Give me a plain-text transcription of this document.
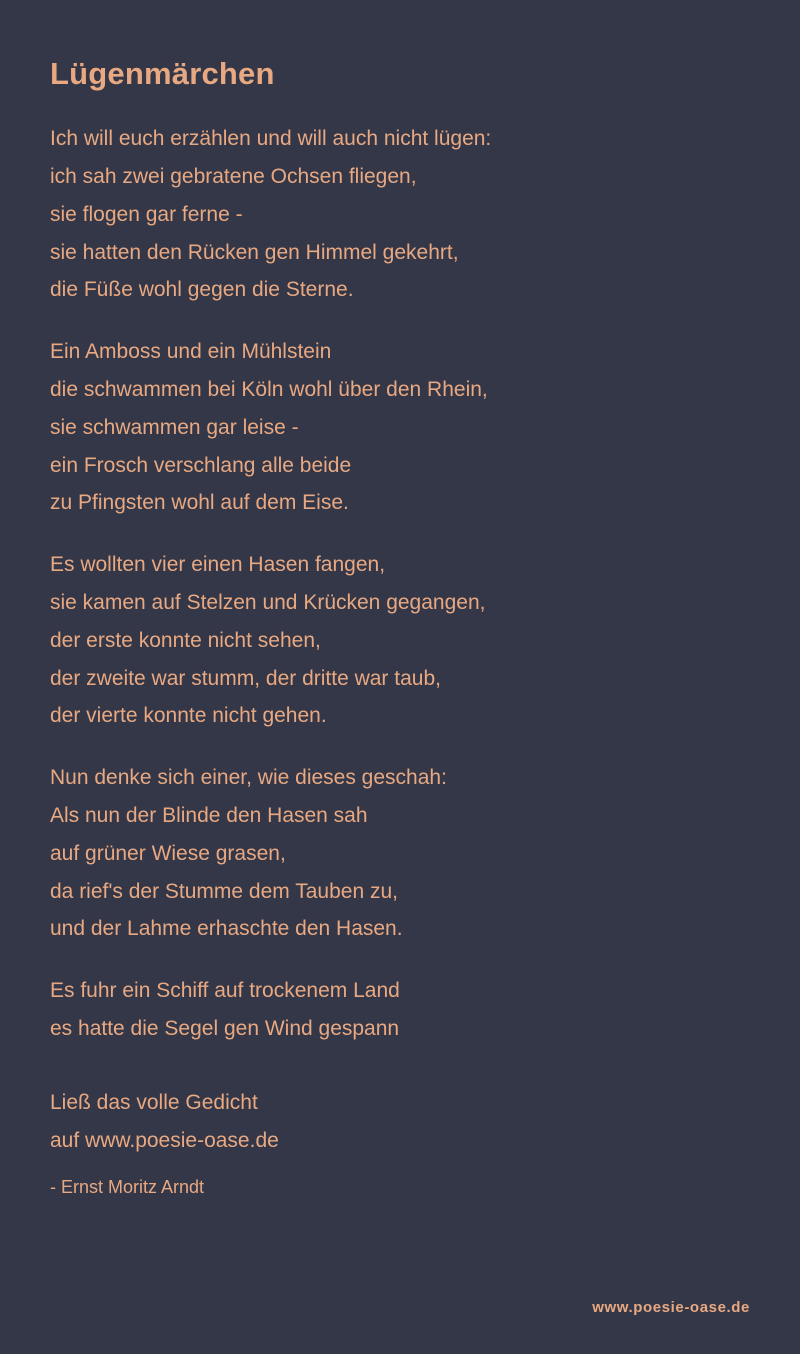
Lügenmärchen
Ich will euch erzählen und will auch nicht lügen:
ich sah zwei gebratene Ochsen fliegen,
sie flogen gar ferne -
sie hatten den Rücken gen Himmel gekehrt,
die Füße wohl gegen die Sterne.
Ein Amboss und ein Mühlstein
die schwammen bei Köln wohl über den Rhein,
sie schwammen gar leise -
ein Frosch verschlang alle beide
zu Pfingsten wohl auf dem Eise.
Es wollten vier einen Hasen fangen,
sie kamen auf Stelzen und Krücken gegangen,
der erste konnte nicht sehen,
der zweite war stumm, der dritte war taub,
der vierte konnte nicht gehen.
Nun denke sich einer, wie dieses geschah:
Als nun der Blinde den Hasen sah
auf grüner Wiese grasen,
da rief's der Stumme dem Tauben zu,
und der Lahme erhaschte den Hasen.
Es fuhr ein Schiff auf trockenem Land
es hatte die Segel gen Wind gespann
Ließ das volle Gedicht
auf www.poesie-oase.de
- Ernst Moritz Arndt
www.poesie-oase.de
